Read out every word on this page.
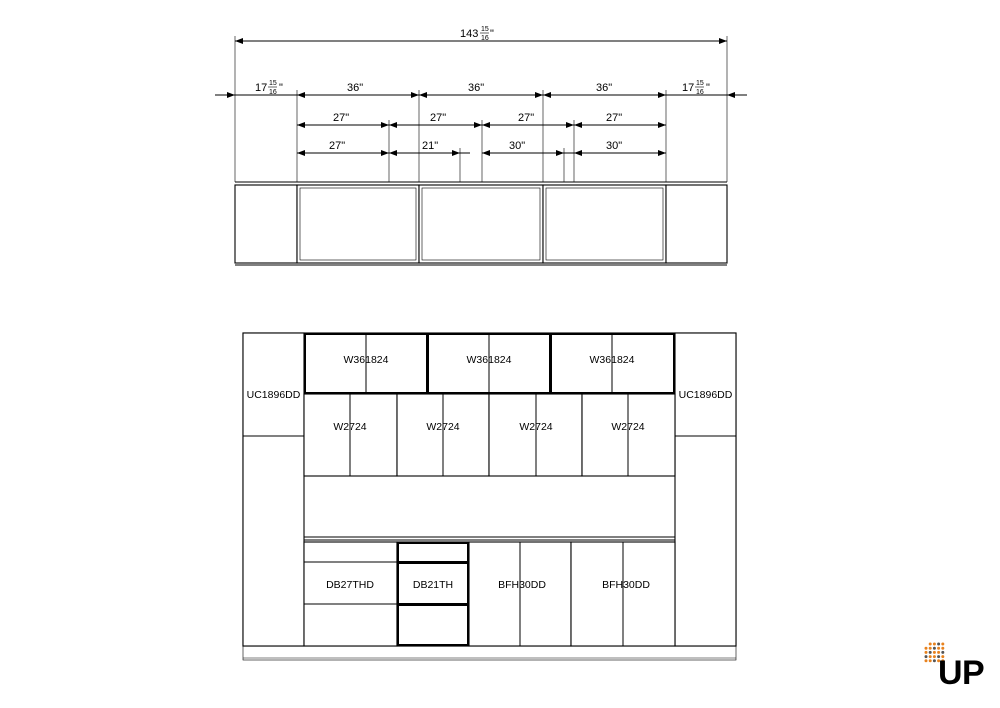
143 15
16 "
17 15
16 "	36"	36"	36"	17 15
16 "
27"	27"	27"	27"
27"	21"	30"	30"
UC1896DD	UC1896DD
W361824	W361824	W361824
W2724	W2724	W2724	W2724
DB27THD	DB21TH	BFH30DD	BFH30DD
U P
